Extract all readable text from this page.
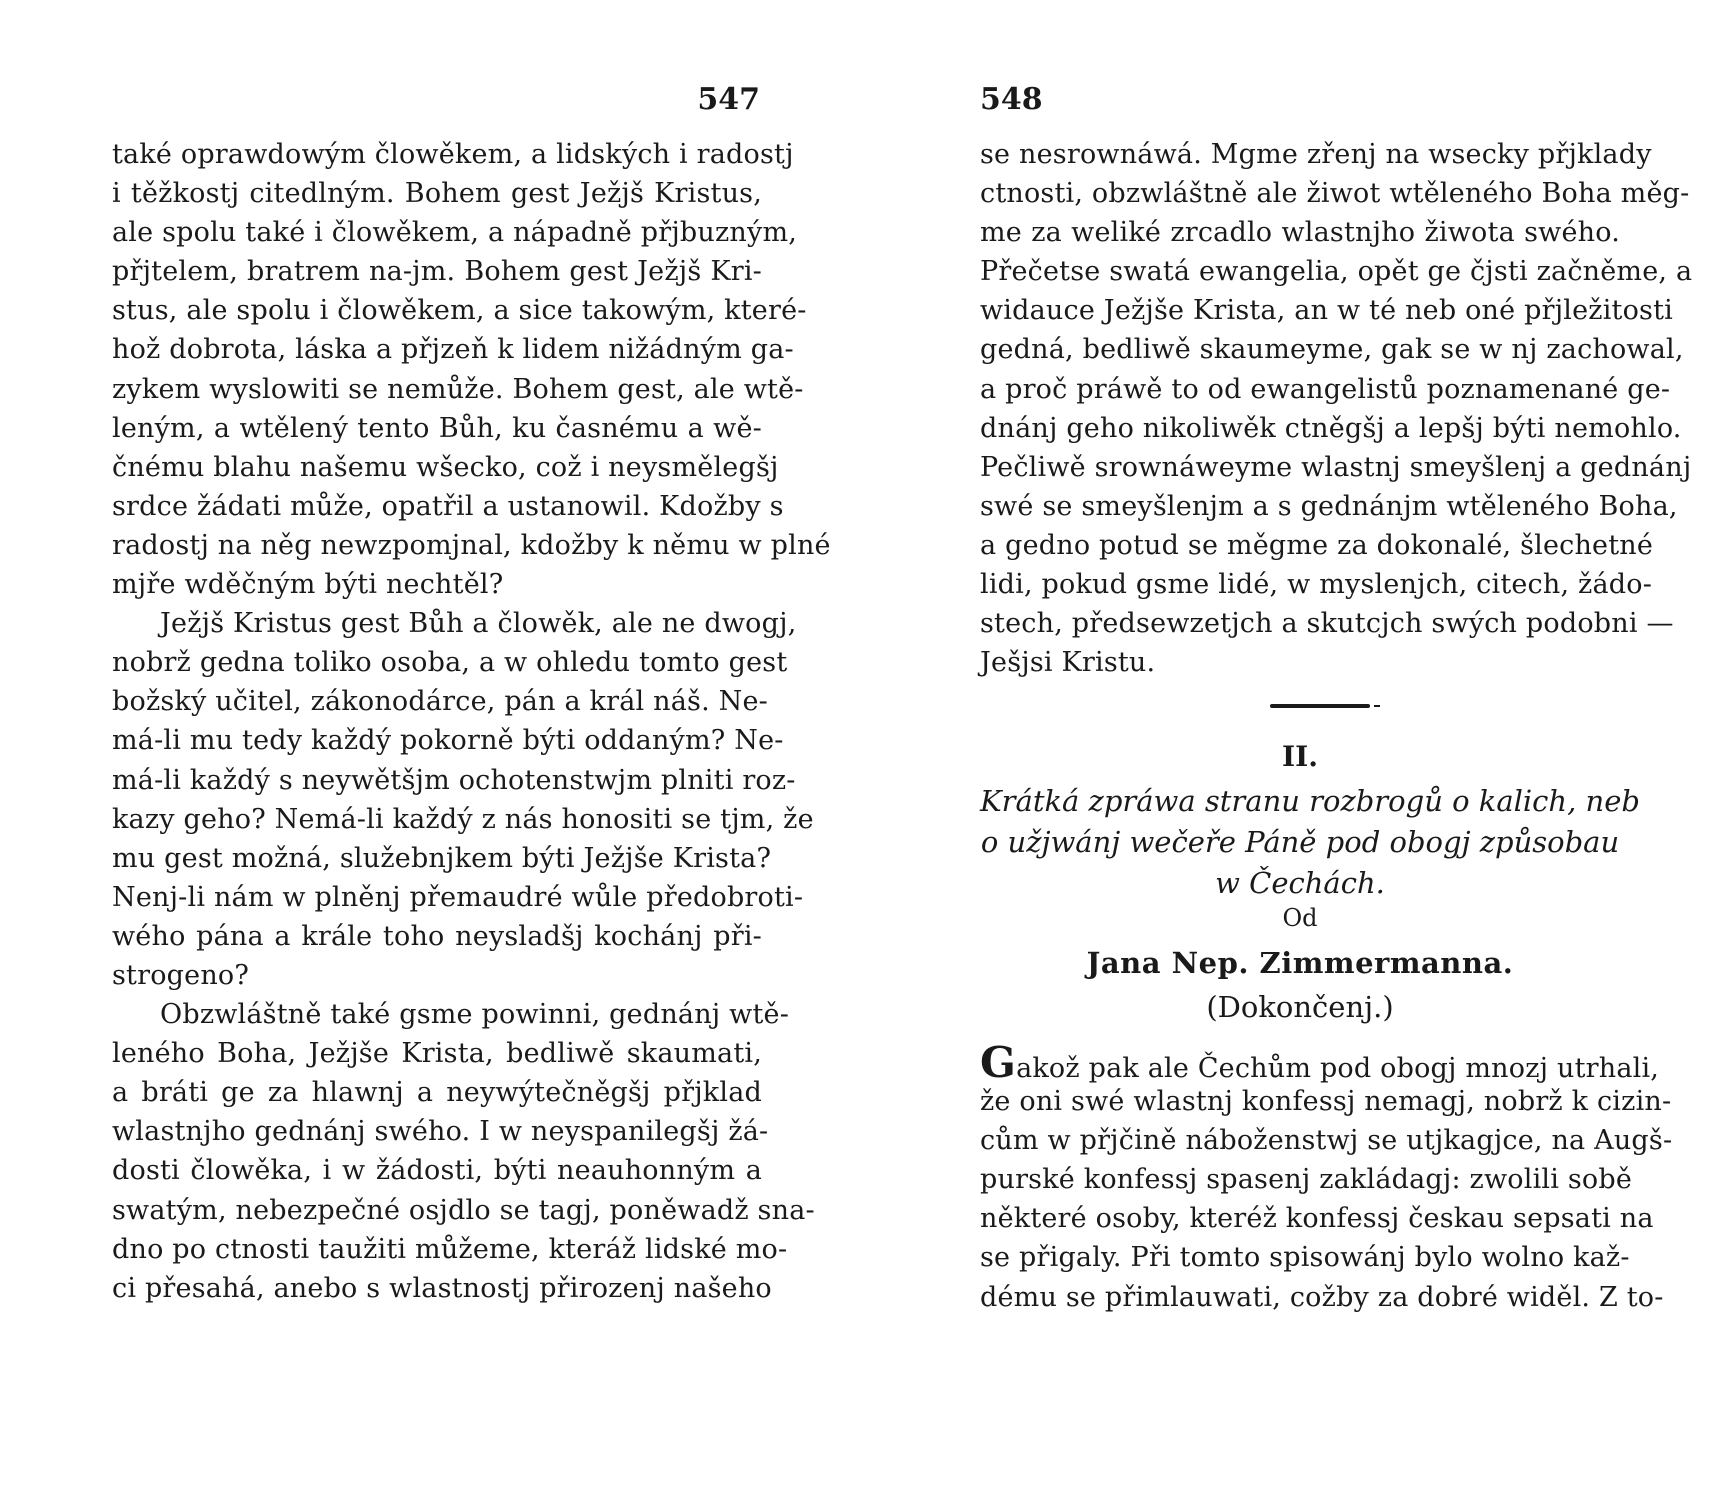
547
také oprawdowým člowěkem, a lidských i radostj
i těžkostj citedlným. Bohem gest Ježjš Kristus,
ale spolu také i člowěkem, a nápadně přjbuzným,
přjtelem, bratrem na-jm. Bohem gest Ježjš Kri-
stus, ale spolu i člowěkem, a sice takowým, které-
hož dobrota, láska a přjzeň k lidem nižádným ga-
zykem wyslowiti se nemůže. Bohem gest, ale wtě-
leným, a wtělený tento Bůh, ku časnému a wě-
čnému blahu našemu wšecko, což i neysmělegšj
srdce žádati může, opatřil a ustanowil. Kdožby s
radostj na něg newzpomjnal, kdožby k němu w plné
mjře wděčným býti nechtěl?
Ježjš Kristus gest Bůh a člowěk, ale ne dwogj,
nobrž gedna toliko osoba, a w ohledu tomto gest
božský učitel, zákonodárce, pán a král náš. Ne-
má-li mu tedy každý pokorně býti oddaným? Ne-
má-li každý s neywětšjm ochotenstwjm plniti roz-
kazy geho? Nemá-li každý z nás honositi se tjm, že
mu gest možná, služebnjkem býti Ježjše Krista?
Nenj-li nám w plněnj přemaudré wůle předobroti-
wého pána a krále toho neysladšj kochánj při-
strogeno?
Obzwláštně také gsme powinni, gednánj wtě-
leného Boha, Ježjše Krista, bedliwě skaumati,
a bráti ge za hlawnj a neywýtečněgšj přjklad
wlastnjho gednánj swého. I w neyspanilegšj žá-
dosti člowěka, i w žádosti, býti neauhonným a
swatým, nebezpečné osjdlo se tagj, poněwadž sna-
dno po ctnosti taužiti můžeme, kteráž lidské mo-
ci přesahá, anebo s wlastnostj přirozenj našeho
548
se nesrownáwá. Mgme zřenj na wsecky přjklady
ctnosti, obzwláštně ale žiwot wtěleného Boha měg-
me za weliké zrcadlo wlastnjho žiwota swého.
Přečetse swatá ewangelia, opět ge čjsti začněme, a
widauce Ježjše Krista, an w té neb oné přjležitosti
gedná, bedliwě skaumeyme, gak se w nj zachowal,
a proč práwě to od ewangelistů poznamenané ge-
dnánj geho nikoliwěk ctněgšj a lepšj býti nemohlo.
Pečliwě srownáweyme wlastnj smeyšlenj a gednánj
swé se smeyšlenjm a s gednánjm wtěleného Boha,
a gedno potud se měgme za dokonalé, šlechetné
lidi, pokud gsme lidé, w myslenjch, citech, žádo-
stech, předsewzetjch a skutcjch swých podobni —
Ješjsi Kristu.
II.
Krátká zpráwa stranu rozbrogů o kalich, neb
o užjwánj wečeře Páně pod obogj způsobau
w Čechách.
Od
Jana Nep. Zimmermanna.
(Dokončenj.)
Gakož pak ale Čechům pod obogj mnozj utrhali,
že oni swé wlastnj konfessj nemagj, nobrž k cizin-
cům w přjčině náboženstwj se utjkagjce, na Augš-
purské konfessj spasenj zakládagj: zwolili sobě
některé osoby, kteréž konfessj českau sepsati na
se přigaly. Při tomto spisowánj bylo wolno kaž-
dému se přimlauwati, cožby za dobré widěl. Z to-
